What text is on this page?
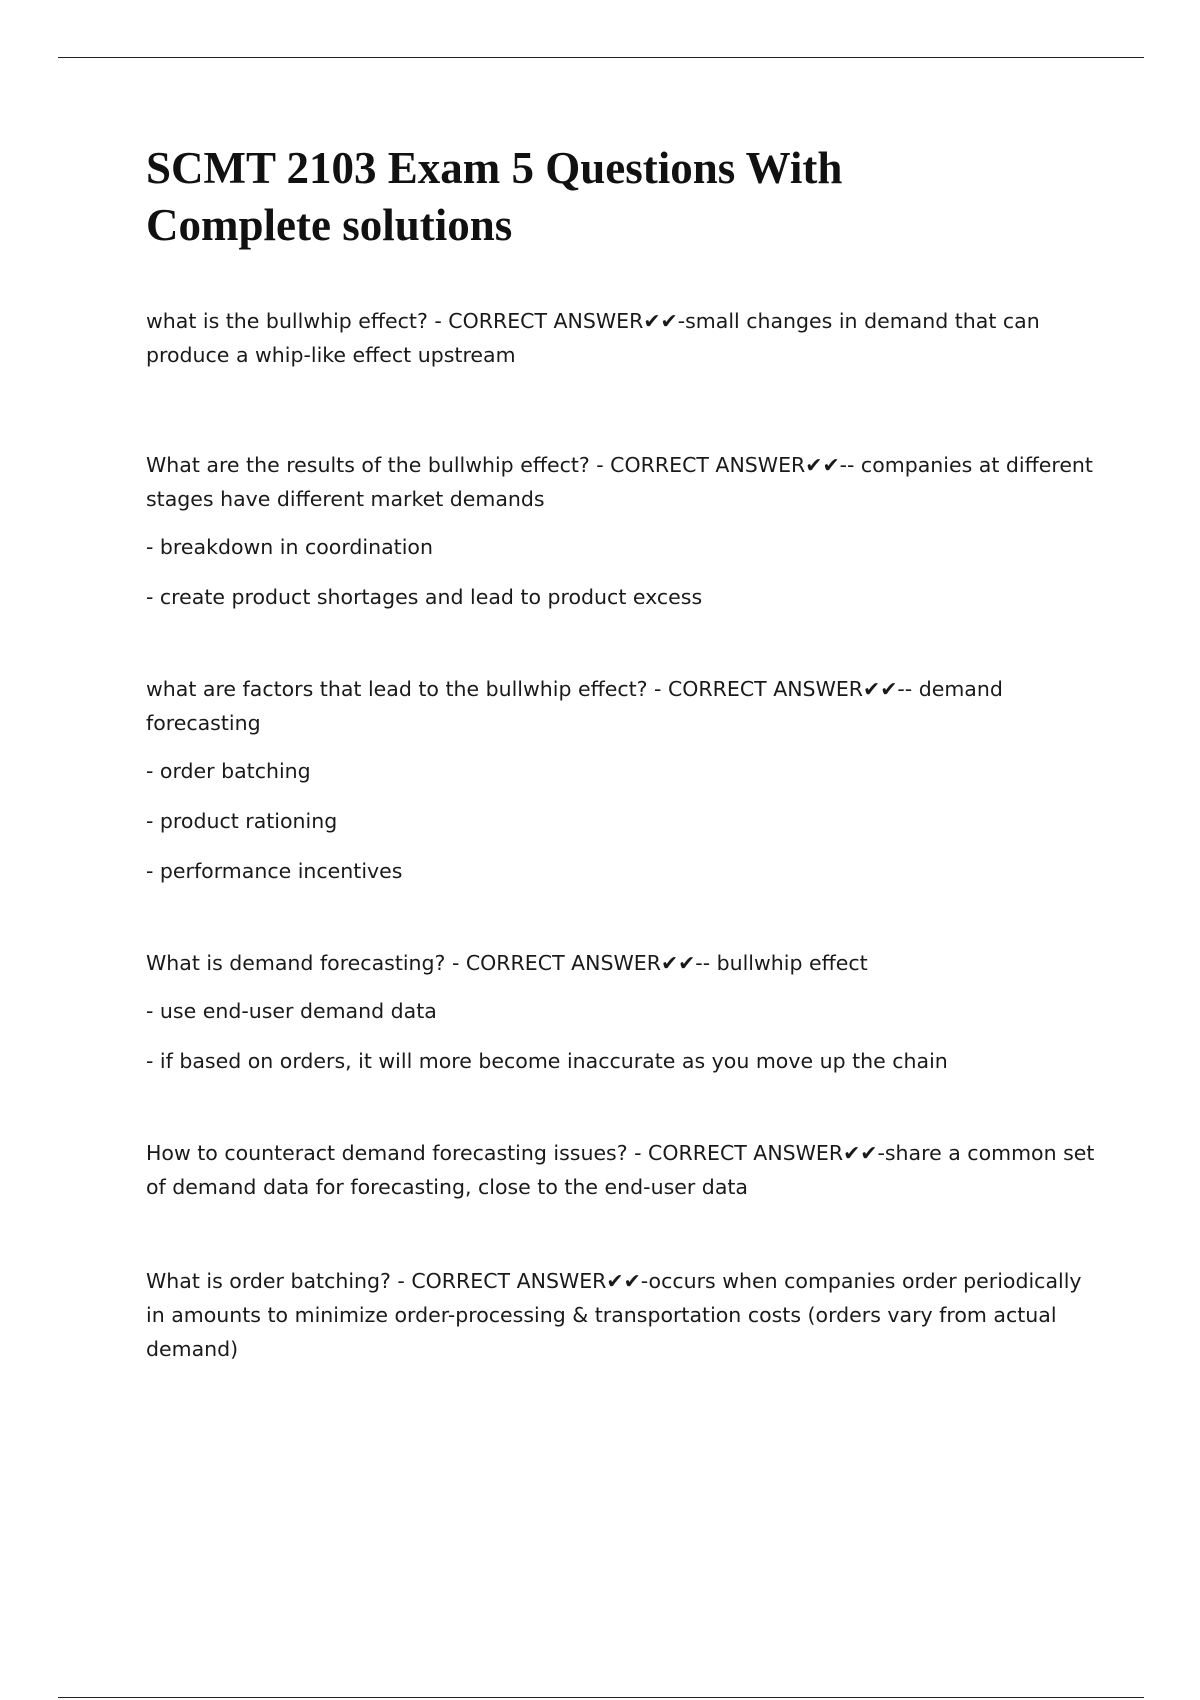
SCMT 2103 Exam 5 Questions With Complete solutions

what is the bullwhip effect? - CORRECT ANSWER✔✔-small changes in demand that can produce a whip-like effect upstream

What are the results of the bullwhip effect? - CORRECT ANSWER✔✔-- companies at different stages have different market demands

- breakdown in coordination

- create product shortages and lead to product excess

what are factors that lead to the bullwhip effect? - CORRECT ANSWER✔✔-- demand forecasting

- order batching

- product rationing

- performance incentives

What is demand forecasting? - CORRECT ANSWER✔✔-- bullwhip effect

- use end-user demand data

- if based on orders, it will more become inaccurate as you move up the chain

How to counteract demand forecasting issues? - CORRECT ANSWER✔✔-share a common set of demand data for forecasting, close to the end-user data

What is order batching? - CORRECT ANSWER✔✔-occurs when companies order periodically in amounts to minimize order-processing & transportation costs (orders vary from actual demand)
